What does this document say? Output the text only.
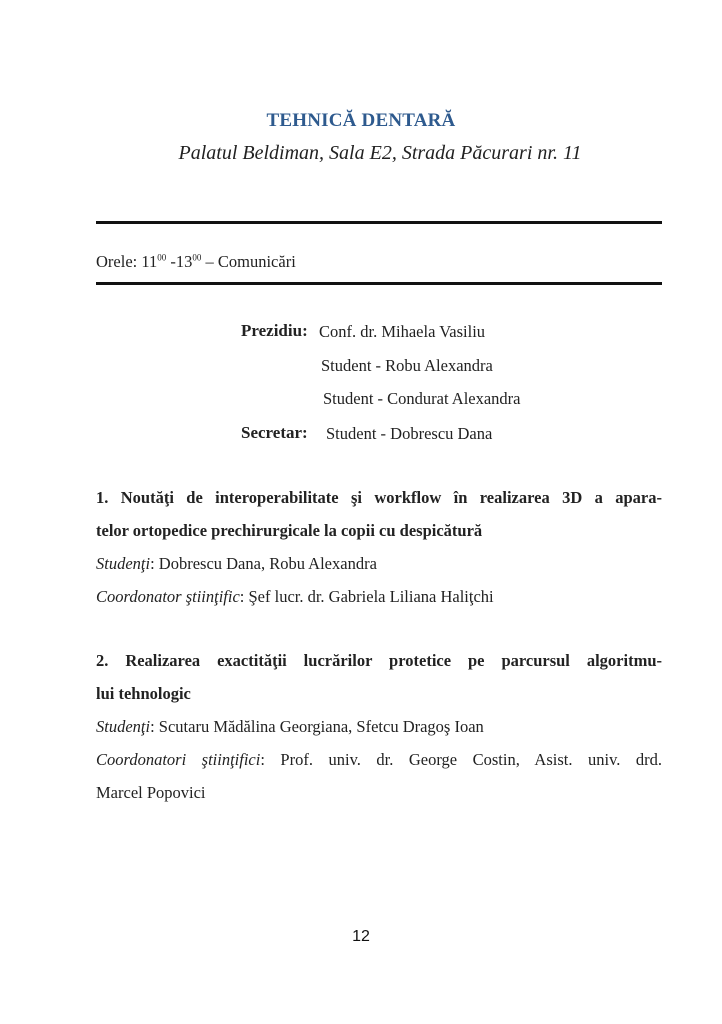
TEHNICĂ DENTARĂ
Palatul Beldiman, Sala E2, Strada Păcurari nr. 11
Orele: $11^{00}$ $-13^{00}$ – Comunicări
Prezidiu: Conf. dr. Mihaela Vasiliu
Student - Robu Alexandra
Student - Condurat Alexandra
Secretar: Student - Dobrescu Dana
1. Noutăţi de interoperabilitate şi workflow în realizarea 3D a apara-
telor ortopedice prechirurgicale la copii cu despicătură
Studenţi: Dobrescu Dana, Robu Alexandra
Coordonator ştiinţific: Şef lucr. dr. Gabriela Liliana Haliţchi
2. Realizarea exactităţii lucrărilor protetice pe parcursul algoritmu-
lui tehnologic
Studenţi: Scutaru Mădălina Georgiana, Sfetcu Dragoş Ioan
Coordonatori ştiinţifici: Prof. univ. dr. George Costin, Asist. univ. drd.
Marcel Popovici
12
